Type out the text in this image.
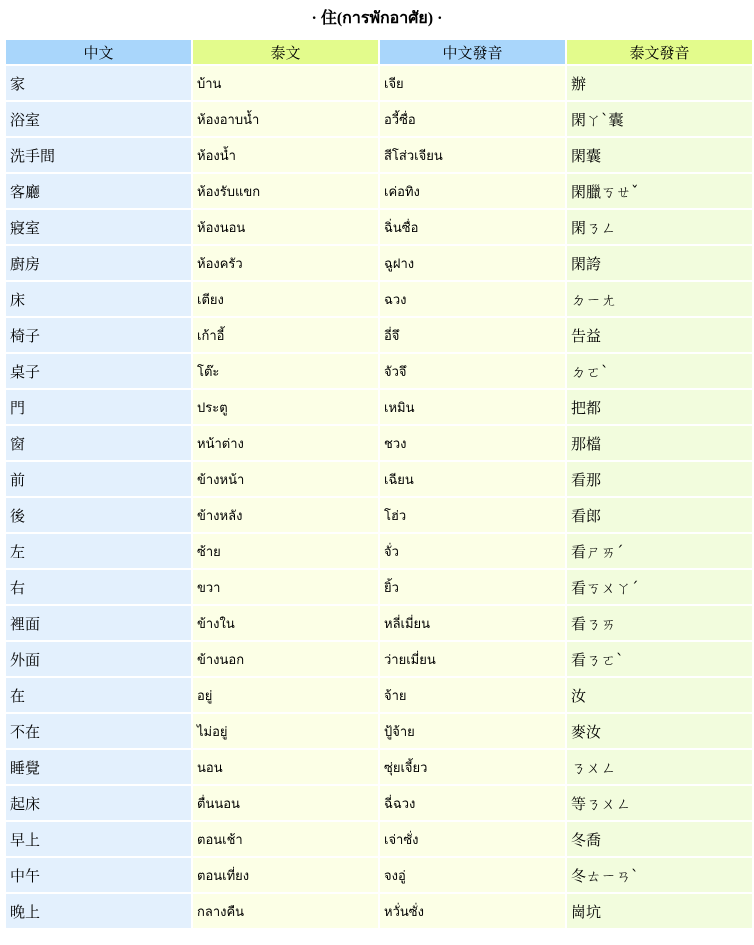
· 住(การพักอาศัย) ·
中文	泰文	中文發音	泰文發音
家	บ้าน	เจีย	辦
浴室	ห้องอาบน้ำ	อวี้ซื่อ	閑ㄚˋ囊
洗手間	ห้องน้ำ	สีโส่วเจียน	閑囊
客廳	ห้องรับแขก	เค่อทิง	閑臘ㄎㄝˇ
寢室	ห้องนอน	ฉิ่นซื่อ	閑ㄋㄥ
廚房	ห้องครัว	ฉูฝาง	閑誇
床	เตียง	ฉวง	ㄉㄧㄤ
椅子	เก้าอี้	อี่จึ	告益
桌子	โต๊ะ	จัวจึ	ㄉㄛˋ
門	ประตู	เหมิน	把都
窗	หน้าต่าง	ชวง	那檔
前	ข้างหน้า	เฉียน	看那
後	ข้างหลัง	โฮ่ว	看郎
左	ซ้าย	จั่ว	看ㄕㄞˊ
右	ขวา	ยิ้ว	看ㄎㄨㄚˊ
裡面	ข้างใน	หลี่เมี่ยน	看ㄋㄞ
外面	ข้างนอก	ว่ายเมี่ยน	看ㄋㄛˋ
在	อยู่	จ้าย	汝
不在	ไม่อยู่	ปู้จ้าย	麥汝
睡覺	นอน	ซุ่ยเจี้ยว	ㄋㄨㄥ
起床	ตื่นนอน	ฉี่ฉวง	等ㄋㄨㄥ
早上	ตอนเช้า	เจ่าซั่ง	冬喬
中午	ตอนเที่ยง	จงอู่	冬ㄊㄧㄢˋ
晚上	กลางคืน	หวั่นซั่ง	崗坑
